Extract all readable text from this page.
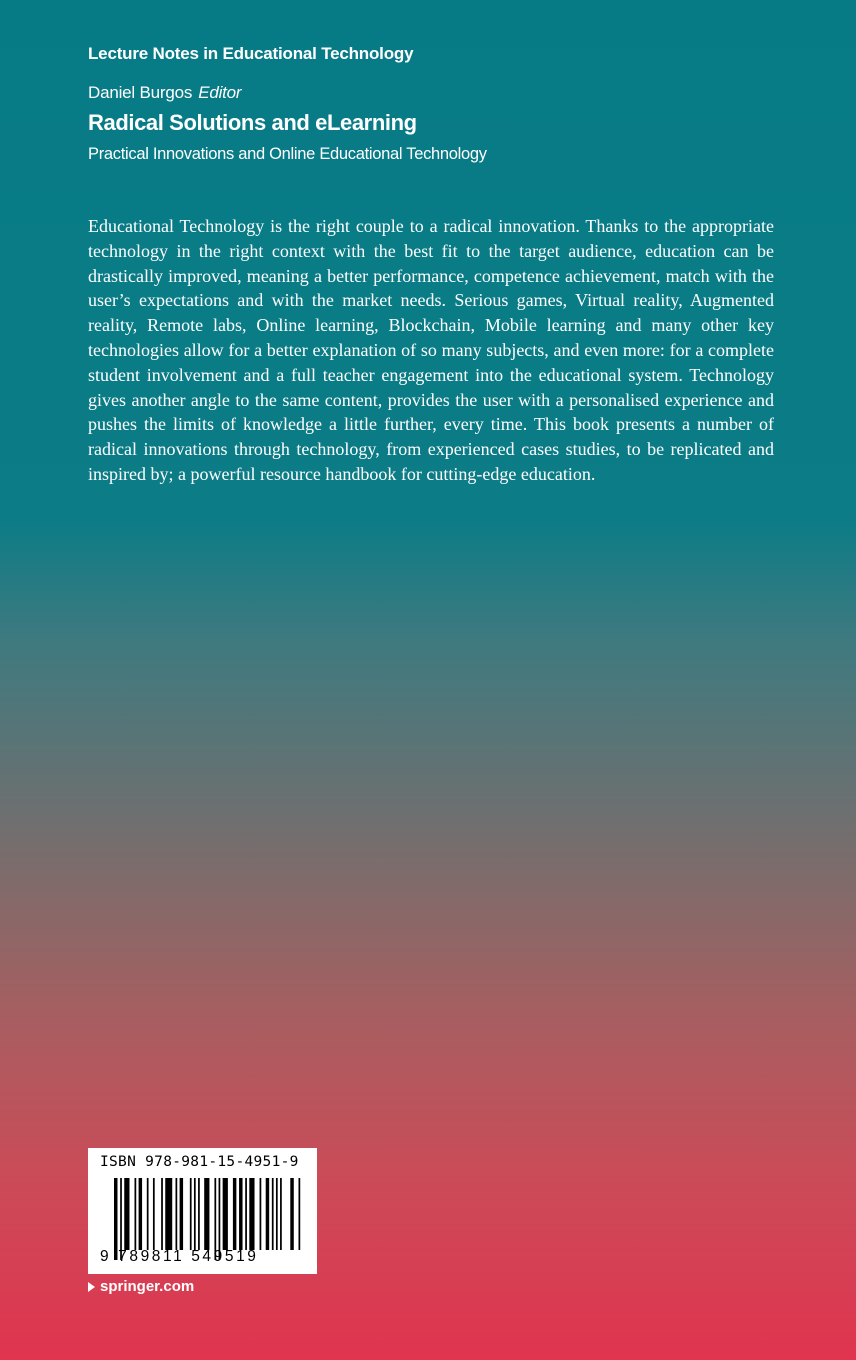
Lecture Notes in Educational Technology

Daniel Burgos Editor
Radical Solutions and eLearning
Practical Innovations and Online Educational Technology

Educational Technology is the right couple to a radical innovation. Thanks to the appropriate technology in the right context with the best fit to the target audience, education can be drastically improved, meaning a better performance, competence achievement, match with the user’s expectations and with the market needs. Serious games, Virtual reality, Augmented reality, Remote labs, Online learning, Blockchain, Mobile learning and many other key technologies allow for a better explanation of so many subjects, and even more: for a complete student involvement and a full teacher engagement into the educational system. Technology gives another angle to the same content, provides the user with a personalised experience and pushes the limits of knowledge a little further, every time. This book presents a number of radical innovations through technology, from experienced cases studies, to be replicated and inspired by; a powerful resource handbook for cutting-edge education.

ISBN 978-981-15-4951-9
9 789811 549519
springer.com
